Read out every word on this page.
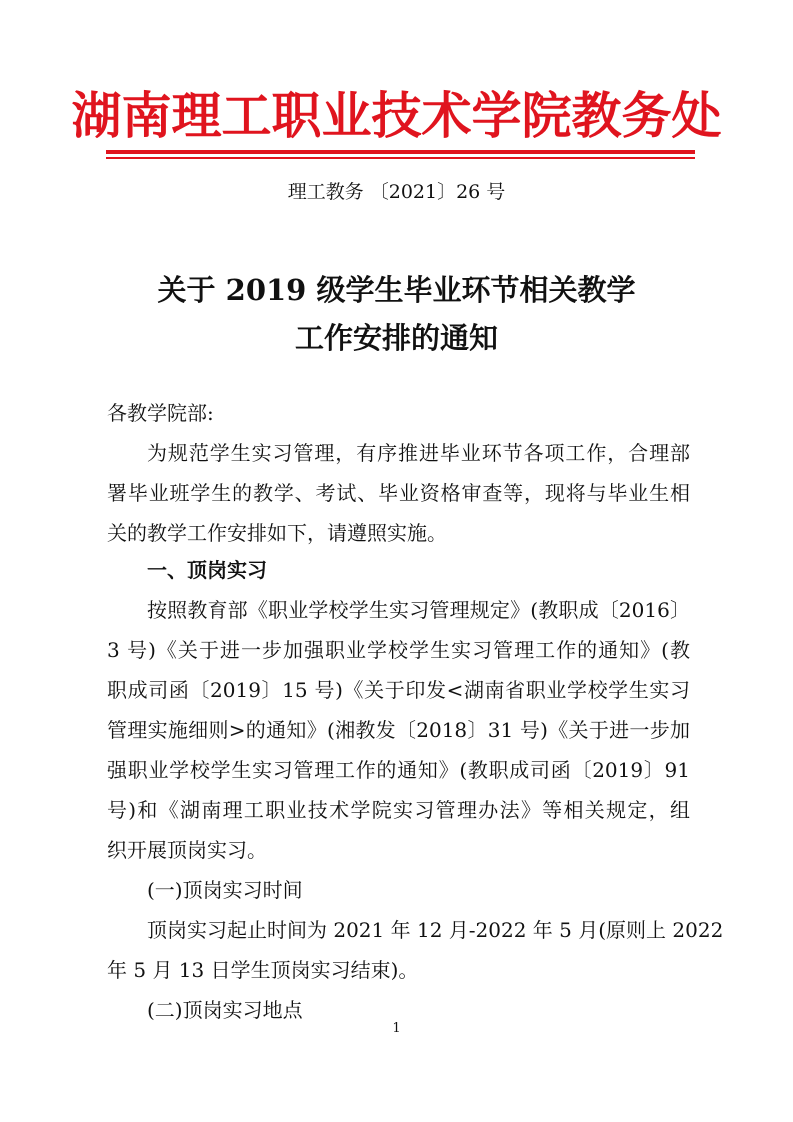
湖南理工职业技术学院教务处
理工教务 〔2021〕26 号
关于 2019 级学生毕业环节相关教学
工作安排的通知
各教学院部:
为规范学生实习管理，有序推进毕业环节各项工作，合理部
署毕业班学生的教学、考试、毕业资格审查等，现将与毕业生相
关的教学工作安排如下，请遵照实施。
一、顶岗实习
按照教育部《职业学校学生实习管理规定》(教职成〔2016〕
3 号)《关于进一步加强职业学校学生实习管理工作的通知》(教
职成司函〔2019〕15 号)《关于印发<湖南省职业学校学生实习
管理实施细则>的通知》(湘教发〔2018〕31 号)《关于进一步加
强职业学校学生实习管理工作的通知》(教职成司函〔2019〕91
号)和《湖南理工职业技术学院实习管理办法》等相关规定，组
织开展顶岗实习。
(一)顶岗实习时间
顶岗实习起止时间为 2021 年 12 月-2022 年 5 月(原则上 2022
年 5 月 13 日学生顶岗实习结束)。
(二)顶岗实习地点
1
